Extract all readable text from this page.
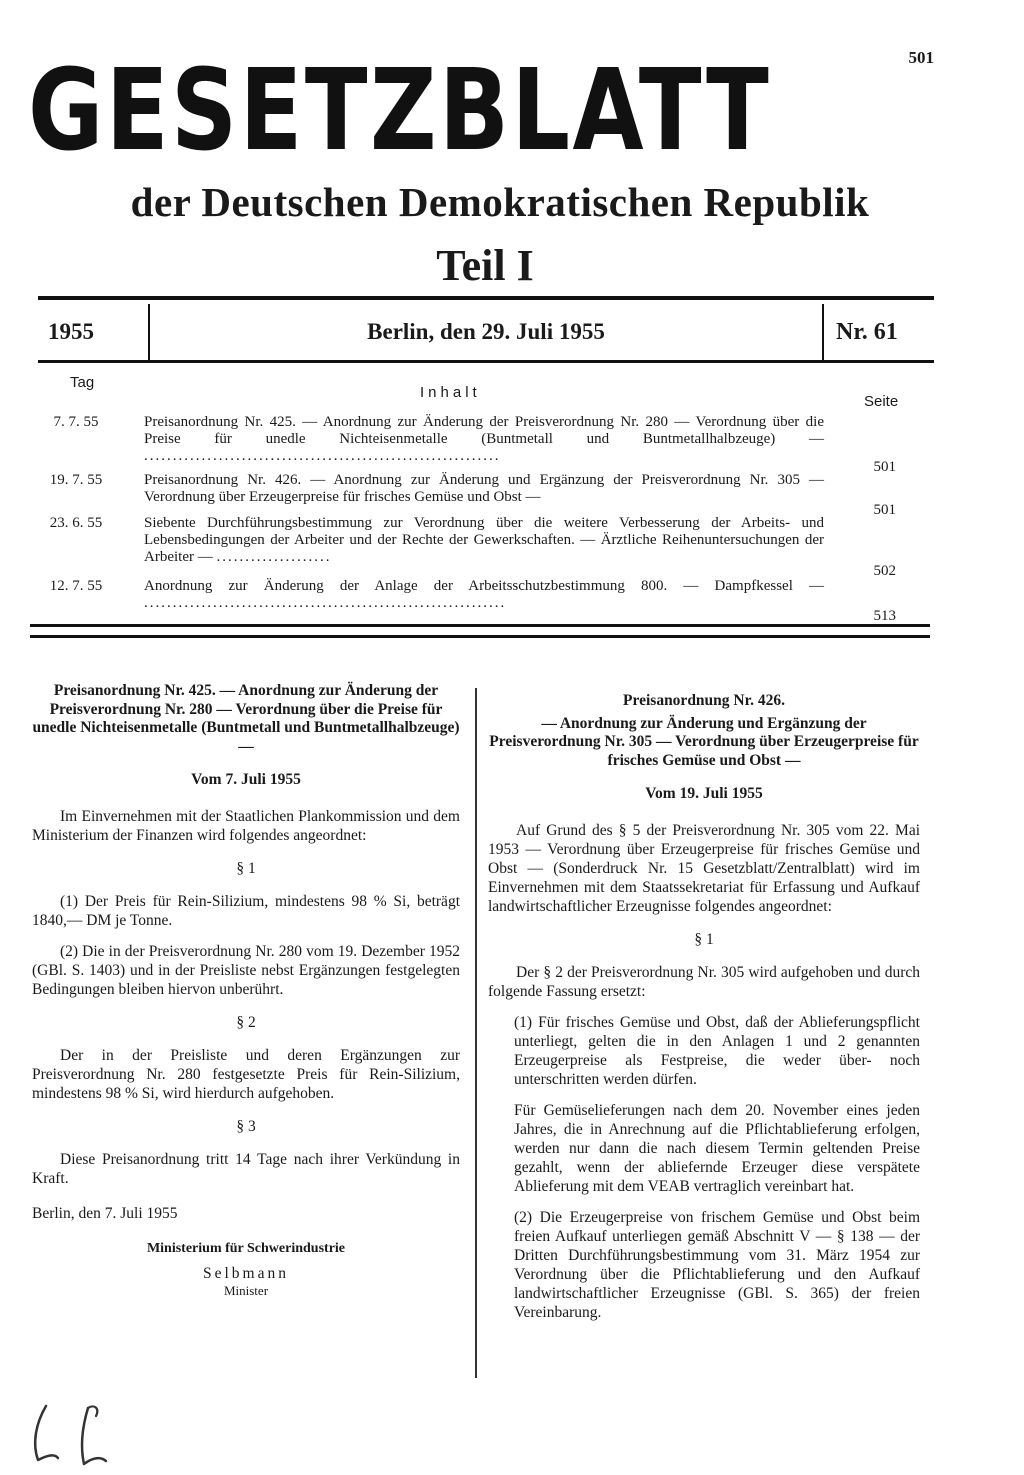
501
GESETZBLATT
der Deutschen Demokratischen Republik
Teil I
1955	Berlin, den 29. Juli 1955	Nr. 61
Tag
Inhalt
Seite
7. 7. 55	Preisanordnung Nr. 425. — Anordnung zur Änderung der Preisverordnung Nr. 280 — Verordnung über die Preise für unedle Nichteisenmetalle (Buntmetall und Buntmetallhalbzeuge) — ..............................................................
501
19. 7. 55	Preisanordnung Nr. 426. — Anordnung zur Änderung und Ergänzung der Preisverordnung Nr. 305 — Verordnung über Erzeugerpreise für frisches Gemüse und Obst —
501
23. 6. 55	Siebente Durchführungsbestimmung zur Verordnung über die weitere Verbesserung der Arbeits- und Lebensbedingungen der Arbeiter und der Rechte der Gewerkschaften. — Ärztliche Reihenuntersuchungen der Arbeiter — ....................
502
12. 7. 55	Anordnung zur Änderung der Anlage der Arbeitsschutzbestimmung 800. — Dampfkessel — ...............................................................
513
Preisanordnung Nr. 425. — Anordnung zur Änderung der Preisverordnung Nr. 280 — Verordnung über die Preise für unedle Nichteisenmetalle (Buntmetall und Buntmetallhalbzeuge) —
Vom 7. Juli 1955

Im Einvernehmen mit der Staatlichen Plankommission und dem Ministerium der Finanzen wird folgendes angeordnet:

§ 1

(1) Der Preis für Rein-Silizium, mindestens 98 % Si, beträgt 1840,— DM je Tonne.

(2) Die in der Preisverordnung Nr. 280 vom 19. Dezember 1952 (GBl. S. 1403) und in der Preisliste nebst Ergänzungen festgelegten Bedingungen bleiben hiervon unberührt.

§ 2

Der in der Preisliste und deren Ergänzungen zur Preisverordnung Nr. 280 festgesetzte Preis für Rein-Silizium, mindestens 98 % Si, wird hierdurch aufgehoben.

§ 3

Diese Preisanordnung tritt 14 Tage nach ihrer Verkündung in Kraft.

Berlin, den 7. Juli 1955

Ministerium für Schwerindustrie
Selbmann
Minister
Preisanordnung Nr. 426.
— Anordnung zur Änderung und Ergänzung der Preisverordnung Nr. 305 — Verordnung über Erzeugerpreise für frisches Gemüse und Obst —
Vom 19. Juli 1955

Auf Grund des § 5 der Preisverordnung Nr. 305 vom 22. Mai 1953 — Verordnung über Erzeugerpreise für frisches Gemüse und Obst — (Sonderdruck Nr. 15 Gesetzblatt/Zentralblatt) wird im Einvernehmen mit dem Staatssekretariat für Erfassung und Aufkauf landwirtschaftlicher Erzeugnisse folgendes angeordnet:

§ 1

Der § 2 der Preisverordnung Nr. 305 wird aufgehoben und durch folgende Fassung ersetzt:

(1) Für frisches Gemüse und Obst, daß der Ablieferungspflicht unterliegt, gelten die in den Anlagen 1 und 2 genannten Erzeugerpreise als Festpreise, die weder über- noch unterschritten werden dürfen.

Für Gemüselieferungen nach dem 20. November eines jeden Jahres, die in Anrechnung auf die Pflichtablieferung erfolgen, werden nur dann die nach diesem Termin geltenden Preise gezahlt, wenn der abliefernde Erzeuger diese verspätete Ablieferung mit dem VEAB vertraglich vereinbart hat.

(2) Die Erzeugerpreise von frischem Gemüse und Obst beim freien Aufkauf unterliegen gemäß Abschnitt V — § 138 — der Dritten Durchführungsbestimmung vom 31. März 1954 zur Verordnung über die Pflichtablieferung und den Aufkauf landwirtschaftlicher Erzeugnisse (GBl. S. 365) der freien Vereinbarung.
